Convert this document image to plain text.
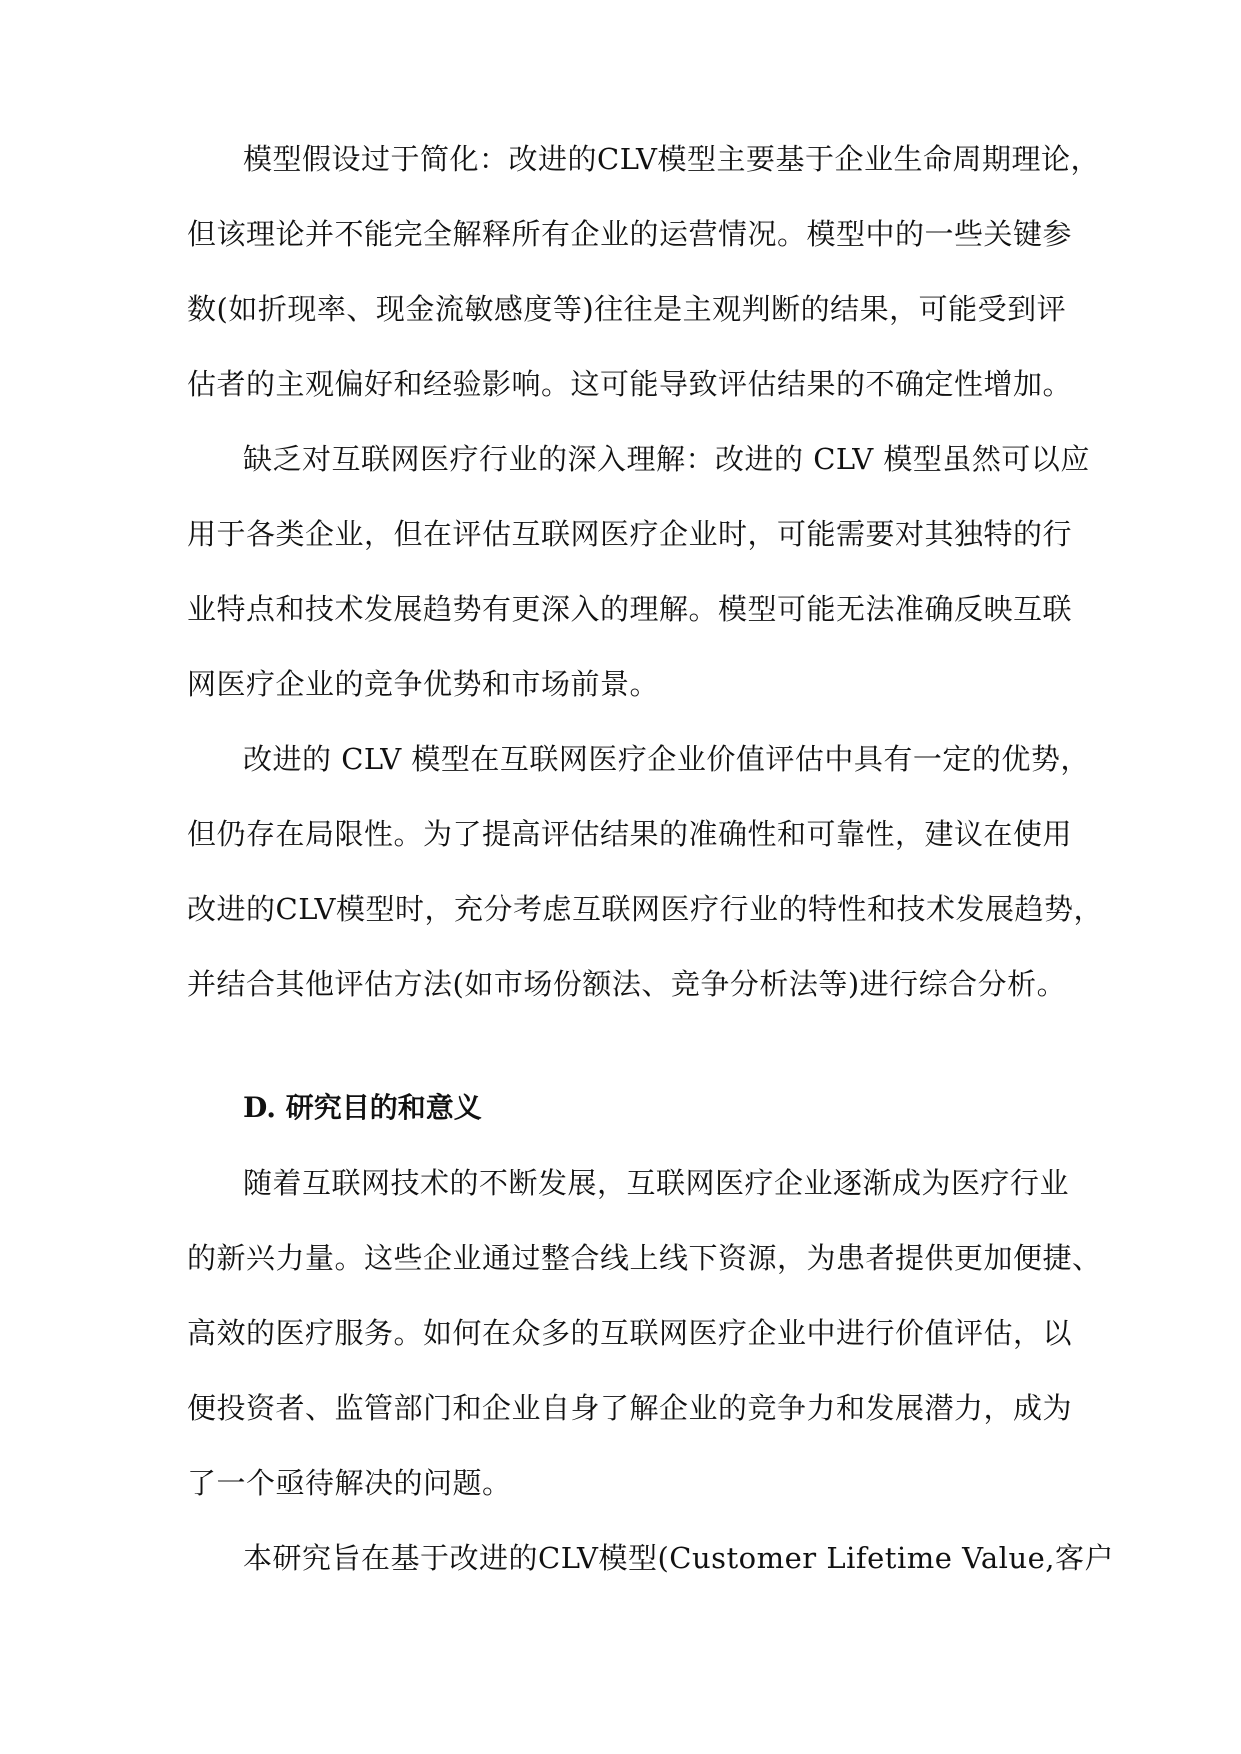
模型假设过于简化：改进的CLV模型主要基于企业生命周期理论，
但该理论并不能完全解释所有企业的运营情况。模型中的一些关键参
数(如折现率、现金流敏感度等)往往是主观判断的结果，可能受到评
估者的主观偏好和经验影响。这可能导致评估结果的不确定性增加。
缺乏对互联网医疗行业的深入理解：改进的 CLV 模型虽然可以应
用于各类企业，但在评估互联网医疗企业时，可能需要对其独特的行
业特点和技术发展趋势有更深入的理解。模型可能无法准确反映互联
网医疗企业的竞争优势和市场前景。
改进的 CLV 模型在互联网医疗企业价值评估中具有一定的优势，
但仍存在局限性。为了提高评估结果的准确性和可靠性，建议在使用
改进的CLV模型时，充分考虑互联网医疗行业的特性和技术发展趋势，
并结合其他评估方法(如市场份额法、竞争分析法等)进行综合分析。
D. 研究目的和意义
随着互联网技术的不断发展，互联网医疗企业逐渐成为医疗行业
的新兴力量。这些企业通过整合线上线下资源，为患者提供更加便捷、
高效的医疗服务。如何在众多的互联网医疗企业中进行价值评估，以
便投资者、监管部门和企业自身了解企业的竞争力和发展潜力，成为
了一个亟待解决的问题。
本研究旨在基于改进的CLV模型(Customer Lifetime Value,客户
